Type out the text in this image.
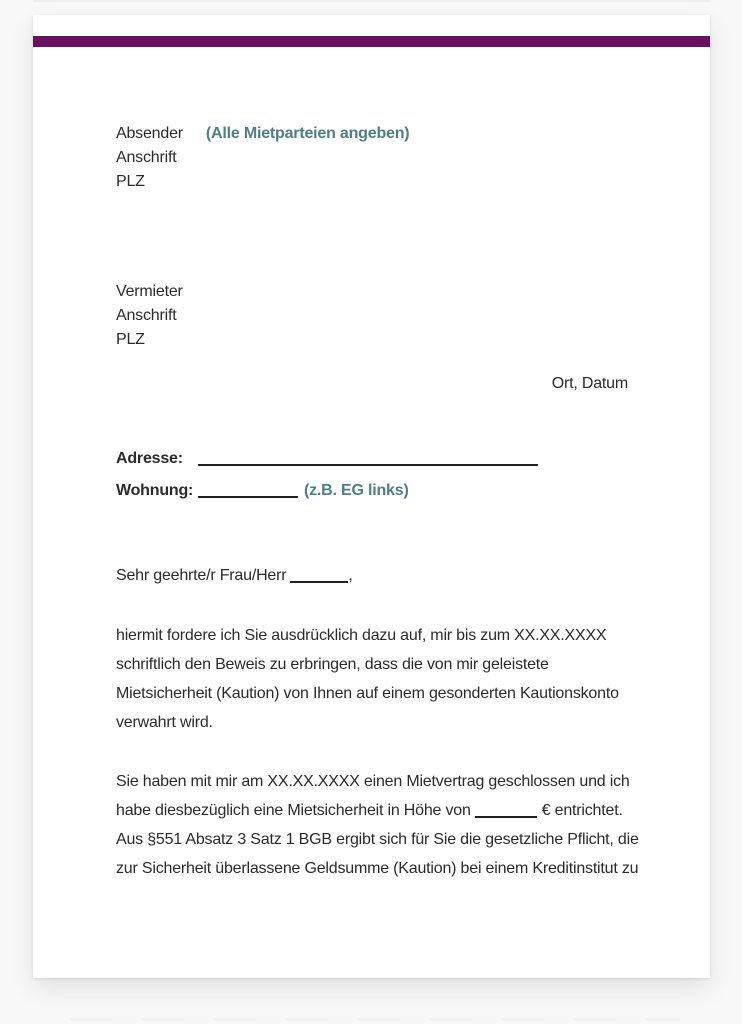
Absender (Alle Mietparteien angeben)
Anschrift
PLZ
Vermieter
Anschrift
PLZ
Ort, Datum
Adresse:
Wohnung:	(z.B. EG links)
Sehr geehrte/r Frau/Herr	,
hiermit fordere ich Sie ausdrücklich dazu auf, mir bis zum XX.XX.XXXX
schriftlich den Beweis zu erbringen, dass die von mir geleistete
Mietsicherheit (Kaution) von Ihnen auf einem gesonderten Kautionskonto
verwahrt wird.
Sie haben mit mir am XX.XX.XXXX einen Mietvertrag geschlossen und ich
habe diesbezüglich eine Mietsicherheit in Höhe von	€ entrichtet.
Aus §551 Absatz 3 Satz 1 BGB ergibt sich für Sie die gesetzliche Pflicht, die
zur Sicherheit überlassene Geldsumme (Kaution) bei einem Kreditinstitut zu
